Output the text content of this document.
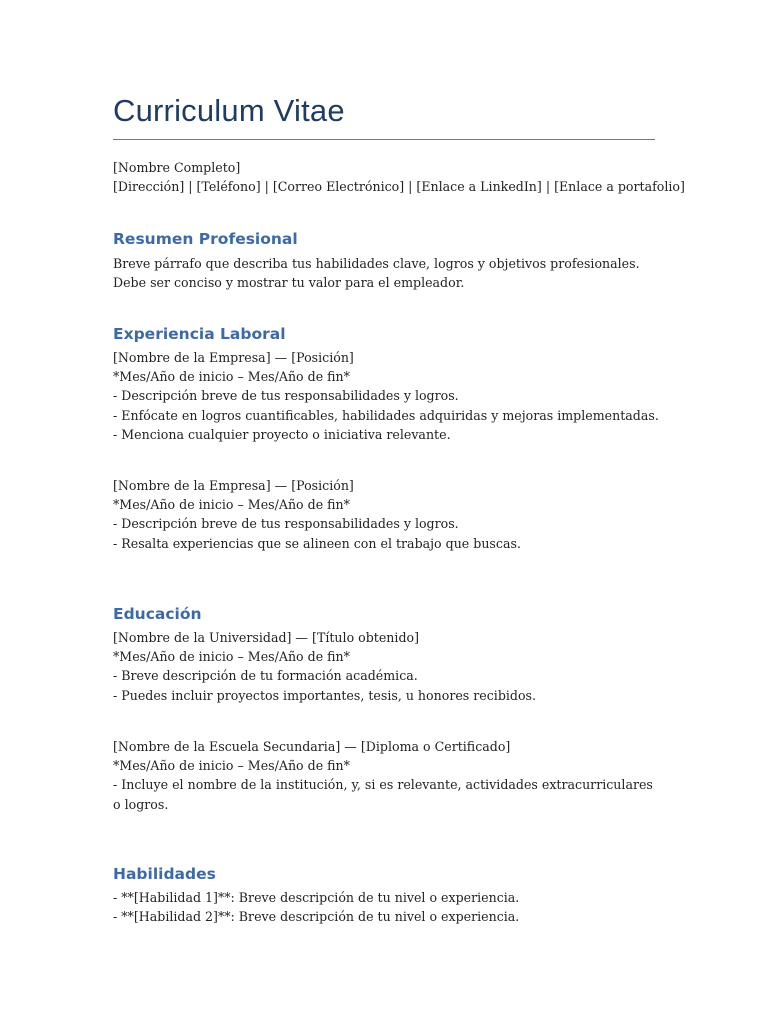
Curriculum Vitae
[Nombre Completo]
[Dirección] | [Teléfono] | [Correo Electrónico] | [Enlace a LinkedIn] | [Enlace a portafolio]
Resumen Profesional
Breve párrafo que describa tus habilidades clave, logros y objetivos profesionales. Debe ser conciso y mostrar tu valor para el empleador.
Experiencia Laboral
[Nombre de la Empresa] — [Posición]
*Mes/Año de inicio – Mes/Año de fin*
- Descripción breve de tus responsabilidades y logros.
- Enfócate en logros cuantificables, habilidades adquiridas y mejoras implementadas.
- Menciona cualquier proyecto o iniciativa relevante.
[Nombre de la Empresa] — [Posición]
*Mes/Año de inicio – Mes/Año de fin*
- Descripción breve de tus responsabilidades y logros.
- Resalta experiencias que se alineen con el trabajo que buscas.
Educación
[Nombre de la Universidad] — [Título obtenido]
*Mes/Año de inicio – Mes/Año de fin*
- Breve descripción de tu formación académica.
- Puedes incluir proyectos importantes, tesis, u honores recibidos.
[Nombre de la Escuela Secundaria] — [Diploma o Certificado]
*Mes/Año de inicio – Mes/Año de fin*
- Incluye el nombre de la institución, y, si es relevante, actividades extracurriculares o logros.
Habilidades
- **[Habilidad 1]**: Breve descripción de tu nivel o experiencia.
- **[Habilidad 2]**: Breve descripción de tu nivel o experiencia.
